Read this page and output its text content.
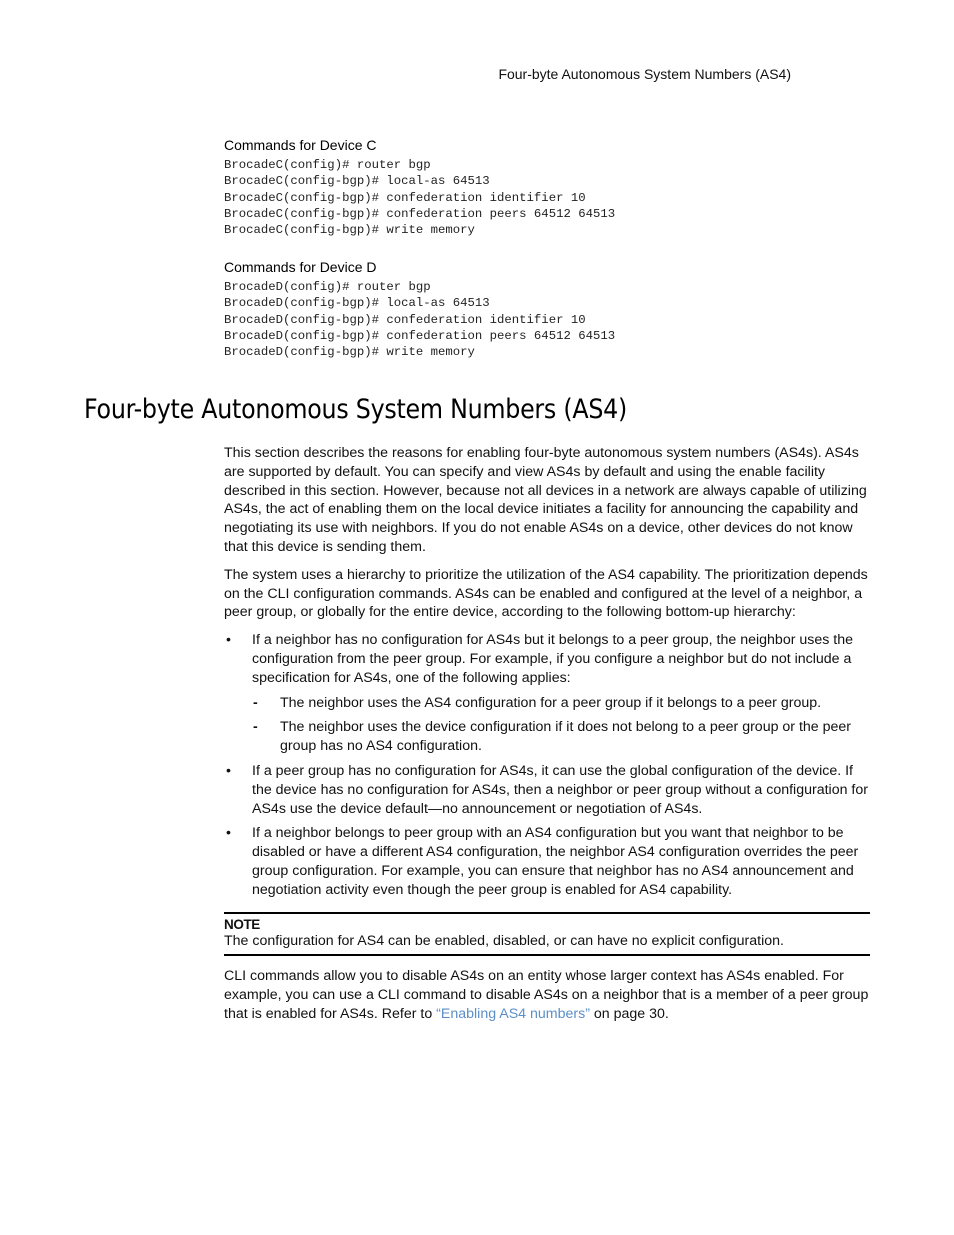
Four-byte Autonomous System Numbers (AS4)
Commands for Device C
BrocadeC(config)# router bgp
BrocadeC(config-bgp)# local-as 64513
BrocadeC(config-bgp)# confederation identifier 10
BrocadeC(config-bgp)# confederation peers 64512 64513
BrocadeC(config-bgp)# write memory
Commands for Device D
BrocadeD(config)# router bgp
BrocadeD(config-bgp)# local-as 64513
BrocadeD(config-bgp)# confederation identifier 10
BrocadeD(config-bgp)# confederation peers 64512 64513
BrocadeD(config-bgp)# write memory
Four-byte Autonomous System Numbers (AS4)

This section describes the reasons for enabling four-byte autonomous system numbers (AS4s). AS4s are supported by default. You can specify and view AS4s by default and using the enable facility described in this section. However, because not all devices in a network are always capable of utilizing AS4s, the act of enabling them on the local device initiates a facility for announcing the capability and negotiating its use with neighbors. If you do not enable AS4s on a device, other devices do not know that this device is sending them.

The system uses a hierarchy to prioritize the utilization of the AS4 capability. The prioritization depends on the CLI configuration commands. AS4s can be enabled and configured at the level of a neighbor, a peer group, or globally for the entire device, according to the following bottom-up hierarchy:

• If a neighbor has no configuration for AS4s but it belongs to a peer group, the neighbor uses the configuration from the peer group. For example, if you configure a neighbor but do not include a specification for AS4s, one of the following applies:
- The neighbor uses the AS4 configuration for a peer group if it belongs to a peer group.
- The neighbor uses the device configuration if it does not belong to a peer group or the peer group has no AS4 configuration.
• If a peer group has no configuration for AS4s, it can use the global configuration of the device. If the device has no configuration for AS4s, then a neighbor or peer group without a configuration for AS4s use the device default—no announcement or negotiation of AS4s.
• If a neighbor belongs to peer group with an AS4 configuration but you want that neighbor to be disabled or have a different AS4 configuration, the neighbor AS4 configuration overrides the peer group configuration. For example, you can ensure that neighbor has no AS4 announcement and negotiation activity even though the peer group is enabled for AS4 capability.

NOTE

The configuration for AS4 can be enabled, disabled, or can have no explicit configuration.

CLI commands allow you to disable AS4s on an entity whose larger context has AS4s enabled. For example, you can use a CLI command to disable AS4s on a neighbor that is a member of a peer group that is enabled for AS4s. Refer to “Enabling AS4 numbers” on page 30.
